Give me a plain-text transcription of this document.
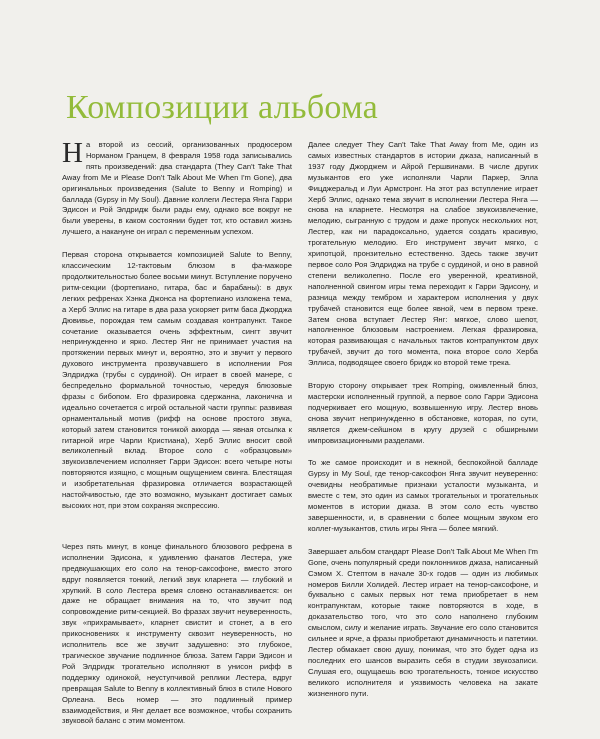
Композиции альбома

На второй из сессий, организованных продюсером Норманом Гранцем, 8 февраля 1958 года записывались пять произведений: два стандарта (They Can't Take That Away from Me и Please Don't Talk About Me When I'm Gone), два оригинальных произведения (Salute to Benny и Romping) и баллада (Gypsy in My Soul). Давние коллеги Лестера Янга Гарри Эдисон и Рой Элдридж были рады ему, однако все вокруг не были уверены, в каком состоянии будет тот, кто оставил жизнь лучшего, а накануне он играл с переменным успехом.

Первая сторона открывается композицией Salute to Benny, классическим 12-тактовым блюзом в фа-мажоре продолжительностью более восьми минут. Вступление поручено ритм-секции (фортепиано, гитара, бас и барабаны): в двух легких рефренах Хэнка Джонса на фортепиано изложена тема, а Херб Эллис на гитаре в два раза ускоряет ритм баса Джорджа Дювивье, порождая тем самым создавая контрапункт. Такое сочетание оказывается очень эффектным, сингт звучит непринужденно и ярко. Лестер Янг не принимает участия на протяжении первых минут и, вероятно, это и звучит у первого духового инструмента прозвучавшего в исполнении Роя Элдриджа (трубы с сурдиной). Он играет в своей манере, с беспредельно формальной точностью, чередуя блюзовые фразы с бибопом. Его фразировка сдержанна, лаконична и идеально сочетается с игрой остальной части группы: развивая орнаментальный мотив (рифф на основе простого звука, который затем становится тоникой аккорда — явная отсылка к гитарной игре Чарли Кристиана), Херб Эллис вносит свой великолепный вклад. Второе соло с «образцовым» звукоизвлечением исполняет Гарри Эдисон: всего четыре ноты повторяются изящно, с мощным ощущением свинга. Блестящая и изобретательная фразировка отличается возрастающей настойчивостью, где это возможно, музыкант достигает самых высоких нот, при этом сохраняя экспрессию.

Через пять минут, в конце финального блюзового рефрена в исполнении Эдисона, к удивлению фанатов Лестера, уже предвкушающих его соло на тенор-саксофоне, вместо этого вдруг появляется тонкий, легкий звук кларнета — глубокий и хрупкий. В соло Лестера время словно останавливается: он даже не обращает внимания на то, что звучит под сопровождение ритм-секцией. Во фразах звучит неуверенность, звук «прихрамывает», кларнет свистит и стонет, а в его прикосновениях к инструменту сквозит неуверенность, но исполнитель все же звучит задушевно: это глубокое, трагическое звучание подлинное блюза. Затем Гарри Эдисон и Рой Элдридж трогательно исполняют в унисон рифф в поддержку одинокой, неуступчивой реплики Лестера, вдруг превращая Salute to Benny в коллективный блюз в стиле Нового Орлеана. Весь номер — это подлинный пример взаимодействия, и Янг делает все возможное, чтобы сохранить звуковой баланс с этим моментом.

Далее следует They Can't Take That Away from Me, один из самых известных стандартов в истории джаза, написанный в 1937 году Джорджем и Айрой Гершвинами. В числе других музыкантов его уже исполняли Чарли Паркер, Элла Фицджеральд и Луи Армстронг. На этот раз вступление играет Херб Эллис, однако тема звучит в исполнении Лестера Янга — снова на кларнете. Несмотря на слабое звукоизвлечение, мелодию, сыгранную с трудом и даже пропуск нескольких нот, Лестер, как ни парадоксально, удается создать красивую, трогательную мелодию. Его инструмент звучит мягко, с хрипотцой, пронзительно естественно. Здесь также звучит первое соло Роя Элдриджа на трубе с сурдиной, и оно в равной степени великолепно. После его уверенной, креативной, наполненной свингом игры тема переходит к Гарри Эдисону, и разница между тембром и характером исполнения у двух трубачей становится еще более явной, чем в первом треке. Затем снова вступает Лестер Янг: мягкое, слово шепот, наполненное блюзовым настроением. Легкая фразировка, которая развивающая с начальных тактов контрапунктом двух трубачей, звучит до того момента, пока второе соло Херба Эллиса, подводящее своего бридж ко второй теме трека.

Вторую сторону открывает трек Romping, оживленный блюз, мастерски исполненный группой, а первое соло Гарри Эдисона подчеркивает его мощную, возвышенную игру. Лестер вновь снова звучит непринужденно в обстановке, которая, по сути, является джем-сейшном в кругу друзей с обширными импровизационными разделами.

То же самое происходит и в нежной, беспокойной балладе Gypsy in My Soul, где тенор-саксофон Янга звучит неуверенно: очевидны необратимые признаки усталости музыканта, и вместе с тем, это один из самых трогательных и трогательных моментов в истории джаза. В этом соло есть чувство завершенности, и, в сравнении с более мощным звуком его коллег-музыкантов, стиль игры Янга — более мягкий.

Завершает альбом стандарт Please Don't Talk About Me When I'm Gone, очень популярный среди поклонников джаза, написанный Сэмом Х. Стептом в начале 30-х годов — один из любимых номеров Билли Холидей. Лестер играет на тенор-саксофоне, и буквально с самых первых нот тема приобретает в нем контрапунктам, которые также повторяются в ходе, в доказательство того, что это соло наполнено глубоким смыслом, силу и желание играть. Звучание его соло становится сильнее и ярче, а фразы приобретают динамичность и патетики. Лестер обмакает свою душу, понимая, что это будет одна из последних его шансов выразить себя в студии звукозаписи. Слушая его, ощущаешь всю трогательность, тонкое искусство великого исполнителя и уязвимость человека на закате жизненного пути.
